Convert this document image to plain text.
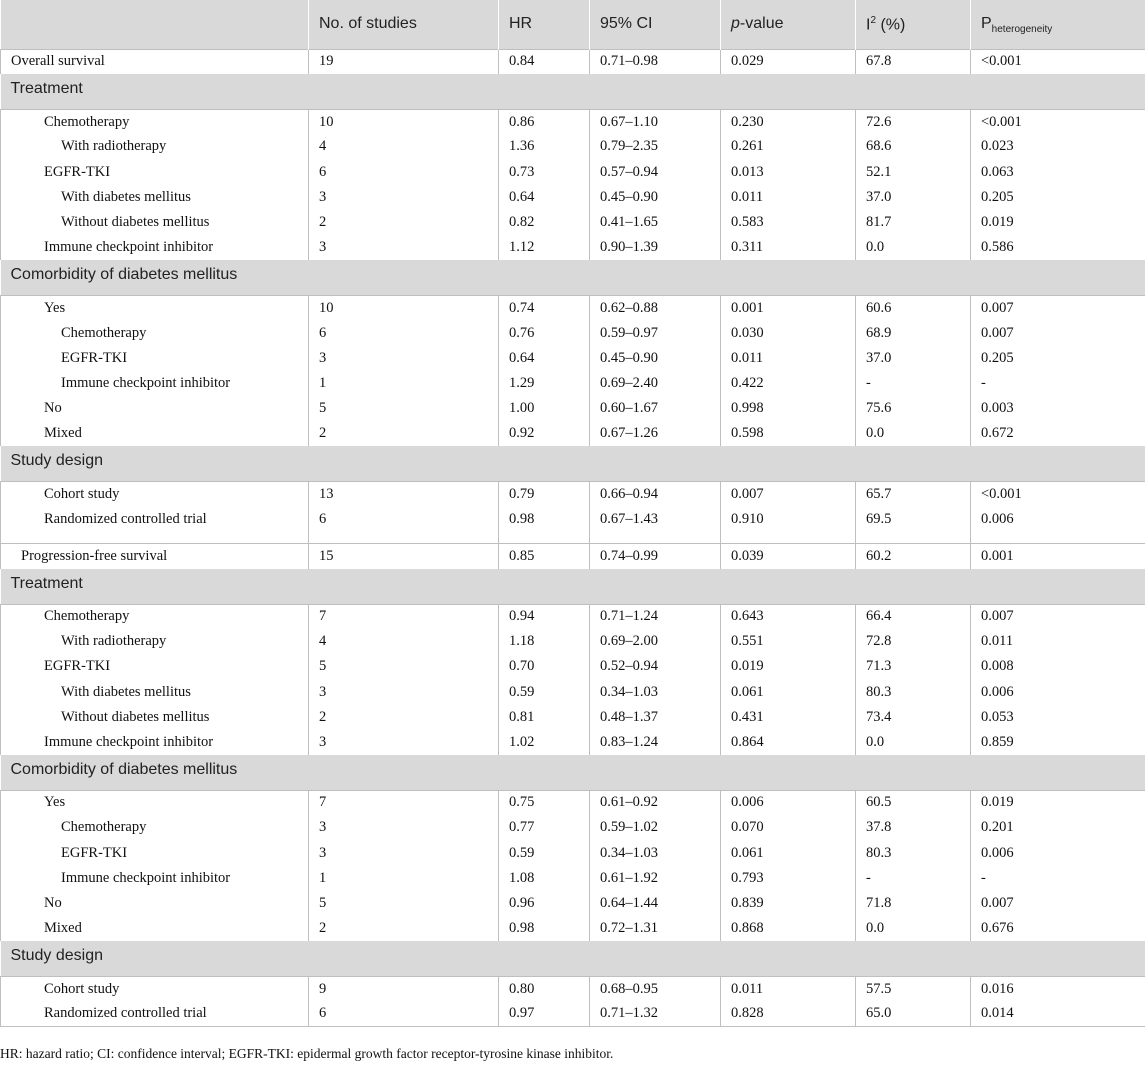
	No. of studies	HR	95% CI	p-value	$I^2$ (%)	$P_{heterogeneity}$
Overall survival	19	0.84	0.71–0.98	0.029	67.8	<0.001
Treatment						
Chemotherapy	10	0.86	0.67–1.10	0.230	72.6	<0.001
With radiotherapy	4	1.36	0.79–2.35	0.261	68.6	0.023
EGFR-TKI	6	0.73	0.57–0.94	0.013	52.1	0.063
With diabetes mellitus	3	0.64	0.45–0.90	0.011	37.0	0.205
Without diabetes mellitus	2	0.82	0.41–1.65	0.583	81.7	0.019
Immune checkpoint inhibitor	3	1.12	0.90–1.39	0.311	0.0	0.586
Comorbidity of diabetes mellitus						
Yes	10	0.74	0.62–0.88	0.001	60.6	0.007
Chemotherapy	6	0.76	0.59–0.97	0.030	68.9	0.007
EGFR-TKI	3	0.64	0.45–0.90	0.011	37.0	0.205
Immune checkpoint inhibitor	1	1.29	0.69–2.40	0.422	-	-
No	5	1.00	0.60–1.67	0.998	75.6	0.003
Mixed	2	0.92	0.67–1.26	0.598	0.0	0.672
Study design						
Cohort study	13	0.79	0.66–0.94	0.007	65.7	<0.001
Randomized controlled trial	6	0.98	0.67–1.43	0.910	69.5	0.006

Progression-free survival	15	0.85	0.74–0.99	0.039	60.2	0.001
Treatment						
Chemotherapy	7	0.94	0.71–1.24	0.643	66.4	0.007
With radiotherapy	4	1.18	0.69–2.00	0.551	72.8	0.011
EGFR-TKI	5	0.70	0.52–0.94	0.019	71.3	0.008
With diabetes mellitus	3	0.59	0.34–1.03	0.061	80.3	0.006
Without diabetes mellitus	2	0.81	0.48–1.37	0.431	73.4	0.053
Immune checkpoint inhibitor	3	1.02	0.83–1.24	0.864	0.0	0.859
Comorbidity of diabetes mellitus						
Yes	7	0.75	0.61–0.92	0.006	60.5	0.019
Chemotherapy	3	0.77	0.59–1.02	0.070	37.8	0.201
EGFR-TKI	3	0.59	0.34–1.03	0.061	80.3	0.006
Immune checkpoint inhibitor	1	1.08	0.61–1.92	0.793	-	-
No	5	0.96	0.64–1.44	0.839	71.8	0.007
Mixed	2	0.98	0.72–1.31	0.868	0.0	0.676
Study design						
Cohort study	9	0.80	0.68–0.95	0.011	57.5	0.016
Randomized controlled trial	6	0.97	0.71–1.32	0.828	65.0	0.014
HR: hazard ratio; CI: confidence interval; EGFR-TKI: epidermal growth factor receptor-tyrosine kinase inhibitor.
